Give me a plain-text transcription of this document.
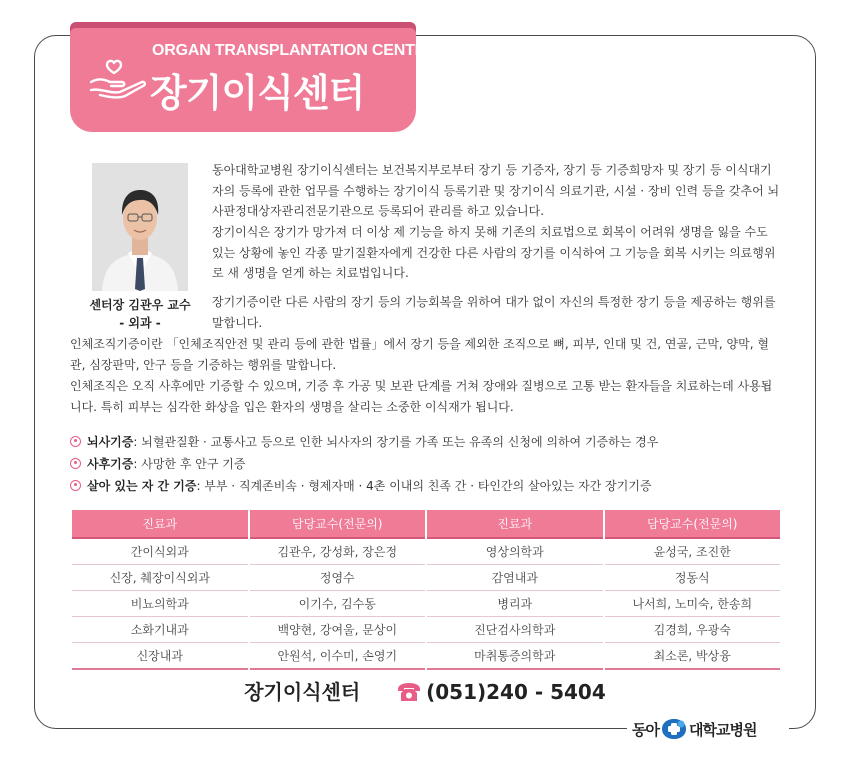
ORGAN TRANSPLANTATION CENTER
장기이식센터
센터장 김관우 교수
- 외과 -

동아대학교병원 장기이식센터는 보건복지부로부터 장기 등 기증자, 장기 등 기증희망자 및 장기 등 이식대기자의 등록에 관한 업무를 수행하는 장기이식 등록기관 및 장기이식 의료기관, 시설 · 장비 인력 등을 갖추어 뇌사판정대상자관리전문기관으로 등록되어 관리를 하고 있습니다.

장기이식은 장기가 망가져 더 이상 제 기능을 하지 못해 기존의 치료법으로 회복이 어려워 생명을 잃을 수도 있는 상황에 놓인 각종 말기질환자에게 건강한 다른 사람의 장기를 이식하여 그 기능을 회복 시키는 의료행위로 새 생명을 얻게 하는 치료법입니다.

장기기증이란 다른 사람의 장기 등의 기능회복을 위하여 대가 없이 자신의 특정한 장기 등을 제공하는 행위를 말합니다.

인체조직기증이란 「인체조직안전 및 관리 등에 관한 법률」에서 장기 등을 제외한 조직으로 뼈, 피부, 인대 및 건, 연골, 근막, 양막, 혈관, 심장판막, 안구 등을 기증하는 행위를 말합니다.

인체조직은 오직 사후에만 기증할 수 있으며, 기증 후 가공 및 보관 단계를 거쳐 장애와 질병으로 고통 받는 환자들을 치료하는데 사용됩니다. 특히 피부는 심각한 화상을 입은 환자의 생명을 살리는 소중한 이식재가 됩니다.

뇌사기증 : 뇌혈관질환 · 교통사고 등으로 인한 뇌사자의 장기를 가족 또는 유족의 신청에 의하여 기증하는 경우
사후기증 : 사망한 후 안구 기증
살아 있는 자 간 기증 : 부부 · 직계존비속 · 형제자매 · 4촌 이내의 친족 간 · 타인간의 살아있는 자간 장기기증
진료과	담당교수(전문의)	진료과	담당교수(전문의)
간이식외과	김관우, 강성화, 장은정	영상의학과	윤성국, 조진한
신장, 췌장이식외과	정영수	감염내과	정동식
비뇨의학과	이기수, 김수동	병리과	나서희, 노미숙, 한송희
소화기내과	백양현, 강여울, 문상이	진단검사의학과	김경희, 우광숙
신장내과	안원석, 이수미, 손영기	마취통증의학과	최소론, 박상융
장기이식센터	(051)240 - 5404
동아 대학교병원
